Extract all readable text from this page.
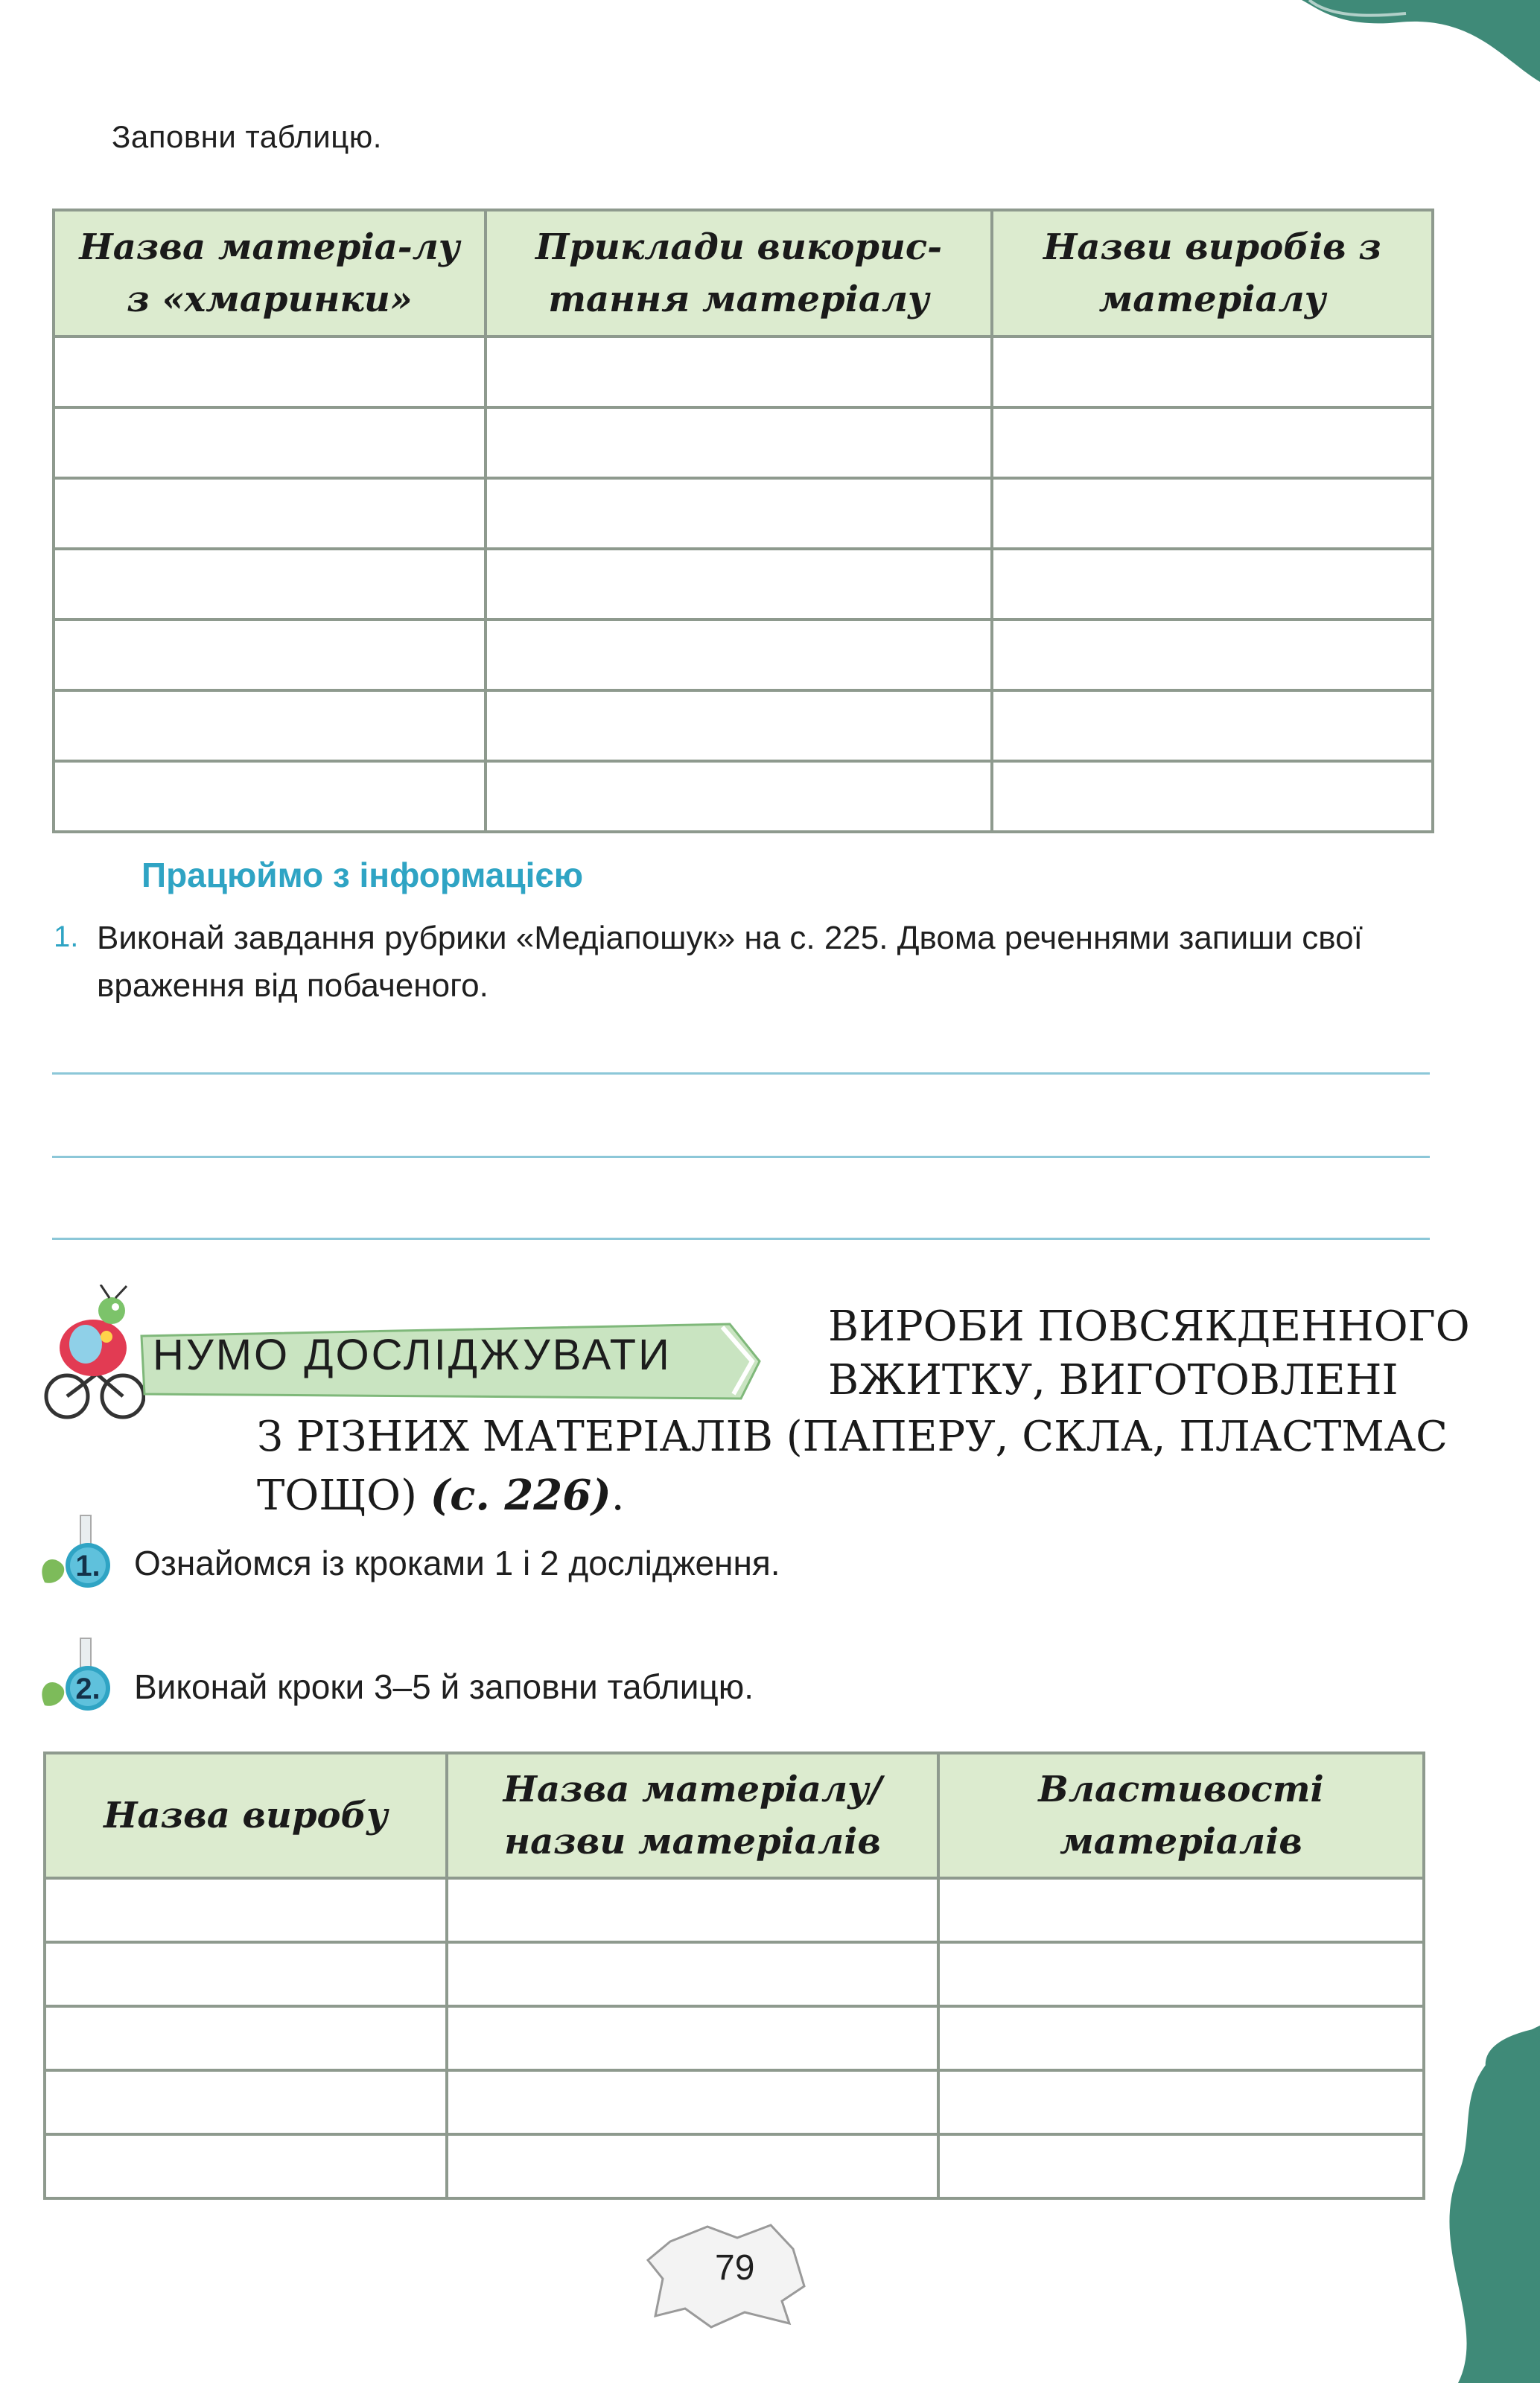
Заповни таблицю.
Назва матеріа-лу з «хмаринки»	Приклади викорис-тання матеріалу	Назви виробів з матеріалу

Працюймо з інформацією
1. Виконай завдання рубрики «Медіапошук» на с. 225. Двома реченнями запиши свої враження від побаченого.
НУМО ДОСЛІДЖУВАТИ
ВИРОБИ ПОВСЯКДЕННОГО
ВЖИТКУ, ВИГОТОВЛЕНІ
З РІЗНИХ МАТЕРІАЛІВ (ПАПЕРУ, СКЛА, ПЛАСТМАС
ТОЩО) (с. 226).
1. Ознайомся із кроками 1 і 2 дослідження.
2. Виконай кроки 3–5 й заповни таблицю.
Назва виробу	Назва матеріалу/ назви матеріалів	Властивості матеріалів

79
